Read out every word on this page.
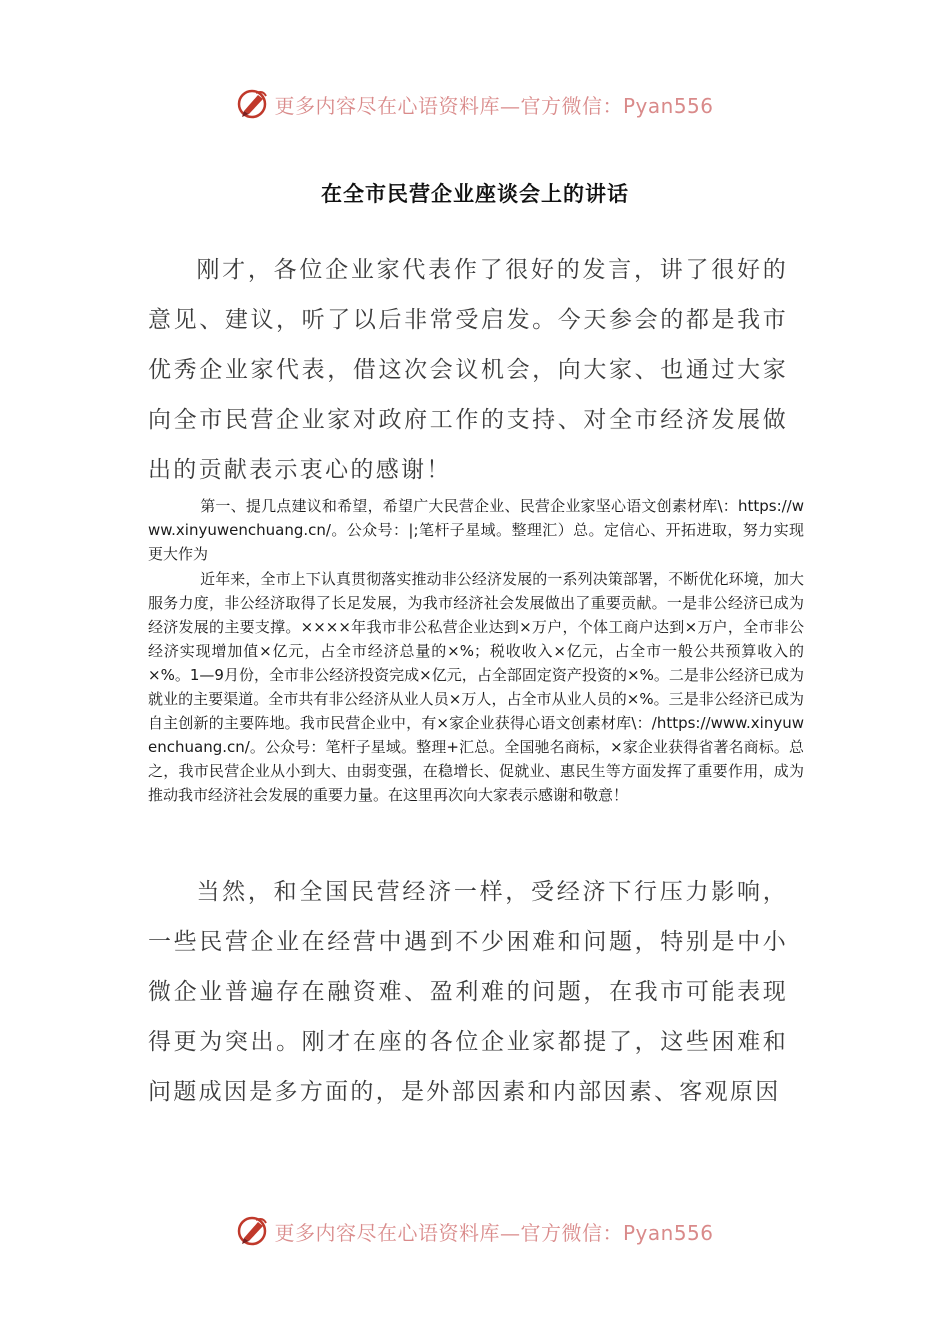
更多内容尽在心语资料库—官方微信：Pyan556
在全市民营企业座谈会上的讲话
刚才，各位企业家代表作了很好的发言，讲了很好的意见、建议，听了以后非常受启发。今天参会的都是我市优秀企业家代表，借这次会议机会，向大家、也通过大家向全市民营企业家对政府工作的支持、对全市经济发展做出的贡献表示衷心的感谢！
第一、提几点建议和希望，希望广大民营企业、民营企业家坚心语文创素材库\：https://www.xinyuwenchuang.cn/。公众号：|;笔杆子星域。整理汇）总。定信心、开拓进取，努力实现更大作为
近年来，全市上下认真贯彻落实推动非公经济发展的一系列决策部署，不断优化环境，加大服务力度，非公经济取得了长足发展，为我市经济社会发展做出了重要贡献。一是非公经济已成为经济发展的主要支撑。××××年我市非公私营企业达到×万户，个体工商户达到×万户，全市非公经济实现增加值×亿元，占全市经济总量的×%；税收收入×亿元，占全市一般公共预算收入的×%。1—9月份，全市非公经济投资完成×亿元，占全部固定资产投资的×%。二是非公经济已成为就业的主要渠道。全市共有非公经济从业人员×万人，占全市从业人员的×%。三是非公经济已成为自主创新的主要阵地。我市民营企业中，有×家企业获得心语文创素材库\：/https://www.xinyuwenchuang.cn/。公众号：笔杆子星域。整理+汇总。全国驰名商标，×家企业获得省著名商标。总之，我市民营企业从小到大、由弱变强，在稳增长、促就业、惠民生等方面发挥了重要作用，成为推动我市经济社会发展的重要力量。在这里再次向大家表示感谢和敬意！
当然，和全国民营经济一样，受经济下行压力影响，一些民营企业在经营中遇到不少困难和问题，特别是中小微企业普遍存在融资难、盈利难的问题，在我市可能表现得更为突出。刚才在座的各位企业家都提了，这些困难和问题成因是多方面的，是外部因素和内部因素、客观原因
更多内容尽在心语资料库—官方微信：Pyan556
